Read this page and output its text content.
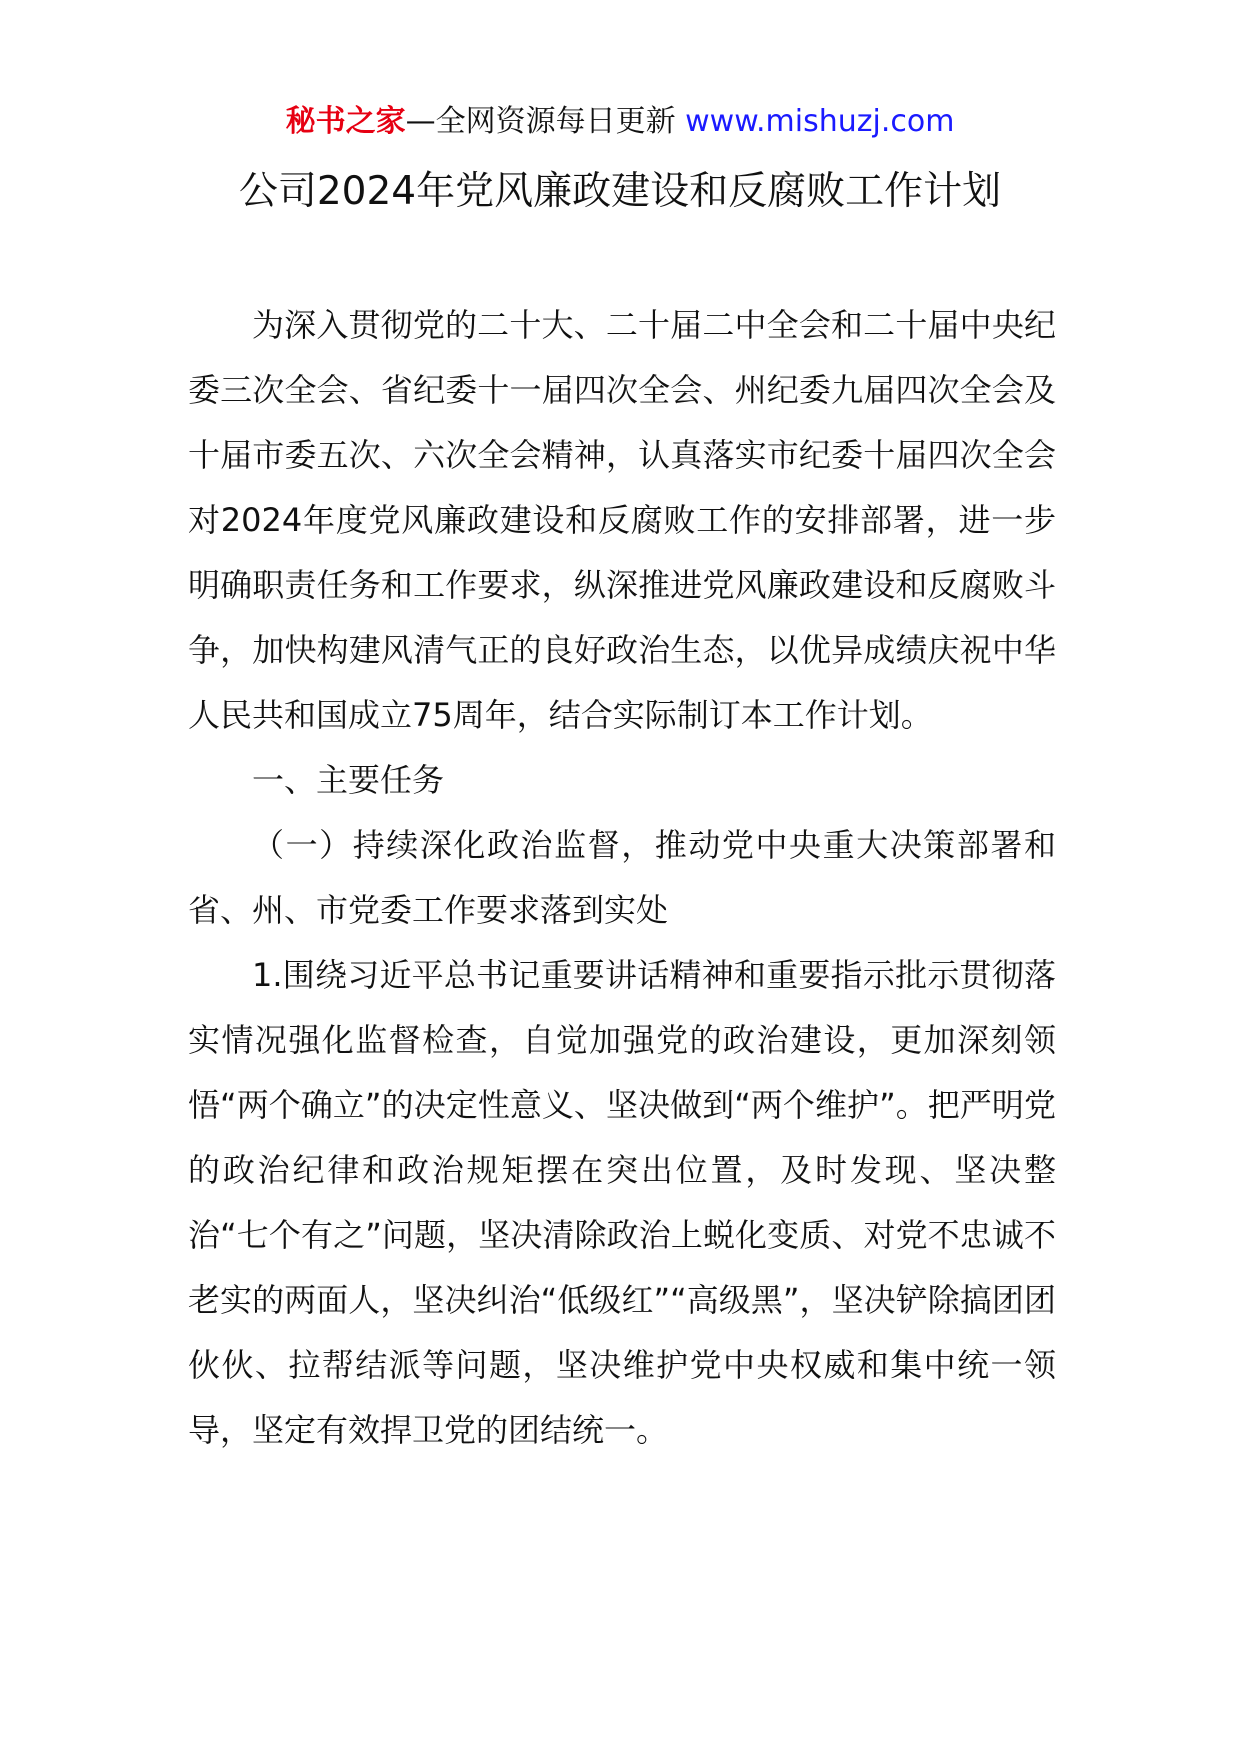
秘书之家—全网资源每日更新 www.mishuzj.com
公司2024年党风廉政建设和反腐败工作计划

为深入贯彻党的二十大、二十届二中全会和二十届中央纪委三次全会、省纪委十一届四次全会、州纪委九届四次全会及十届市委五次、六次全会精神，认真落实市纪委十届四次全会对2024年度党风廉政建设和反腐败工作的安排部署，进一步明确职责任务和工作要求，纵深推进党风廉政建设和反腐败斗争，加快构建风清气正的良好政治生态，以优异成绩庆祝中华人民共和国成立75周年，结合实际制订本工作计划。

一、主要任务

（一）持续深化政治监督，推动党中央重大决策部署和省、州、市党委工作要求落到实处

1.围绕习近平总书记重要讲话精神和重要指示批示贯彻落实情况强化监督检查，自觉加强党的政治建设，更加深刻领悟“两个确立”的决定性意义、坚决做到“两个维护”。把严明党的政治纪律和政治规矩摆在突出位置，及时发现、坚决整治“七个有之”问题，坚决清除政治上蜕化变质、对党不忠诚不老实的两面人，坚决纠治“低级红”“高级黑”，坚决铲除搞团团伙伙、拉帮结派等问题，坚决维护党中央权威和集中统一领导，坚定有效捍卫党的团结统一。
